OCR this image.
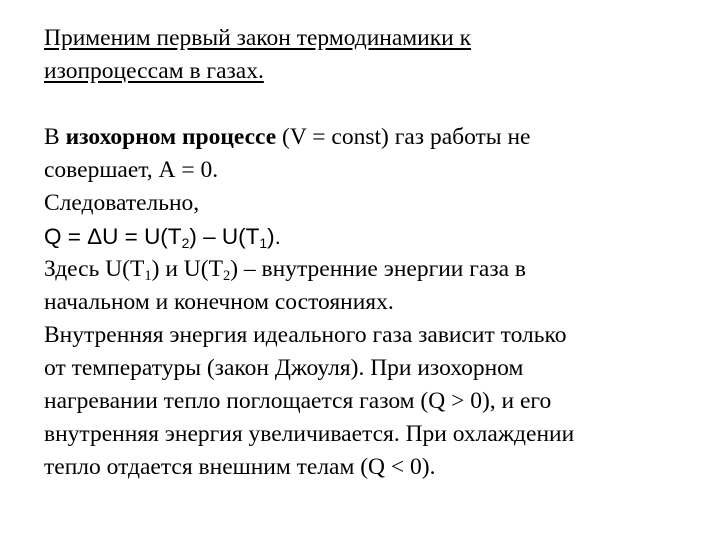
Применим первый закон термодинамики к
изопроцессам в газах.
В изохорном процессе (V = const) газ работы не
совершает, А = 0.
Следовательно,
$Q = \Delta U = U(T_2) - U(T_1)$.
Здесь $U(T_1)$ и $U(T_2)$ – внутренние энергии газа в
начальном и конечном состояниях.
Внутренняя энергия идеального газа зависит только
от температуры (закон Джоуля). При изохорном
нагревании тепло поглощается газом (Q > 0), и его
внутренняя энергия увеличивается. При охлаждении
тепло отдается внешним телам (Q < 0).
